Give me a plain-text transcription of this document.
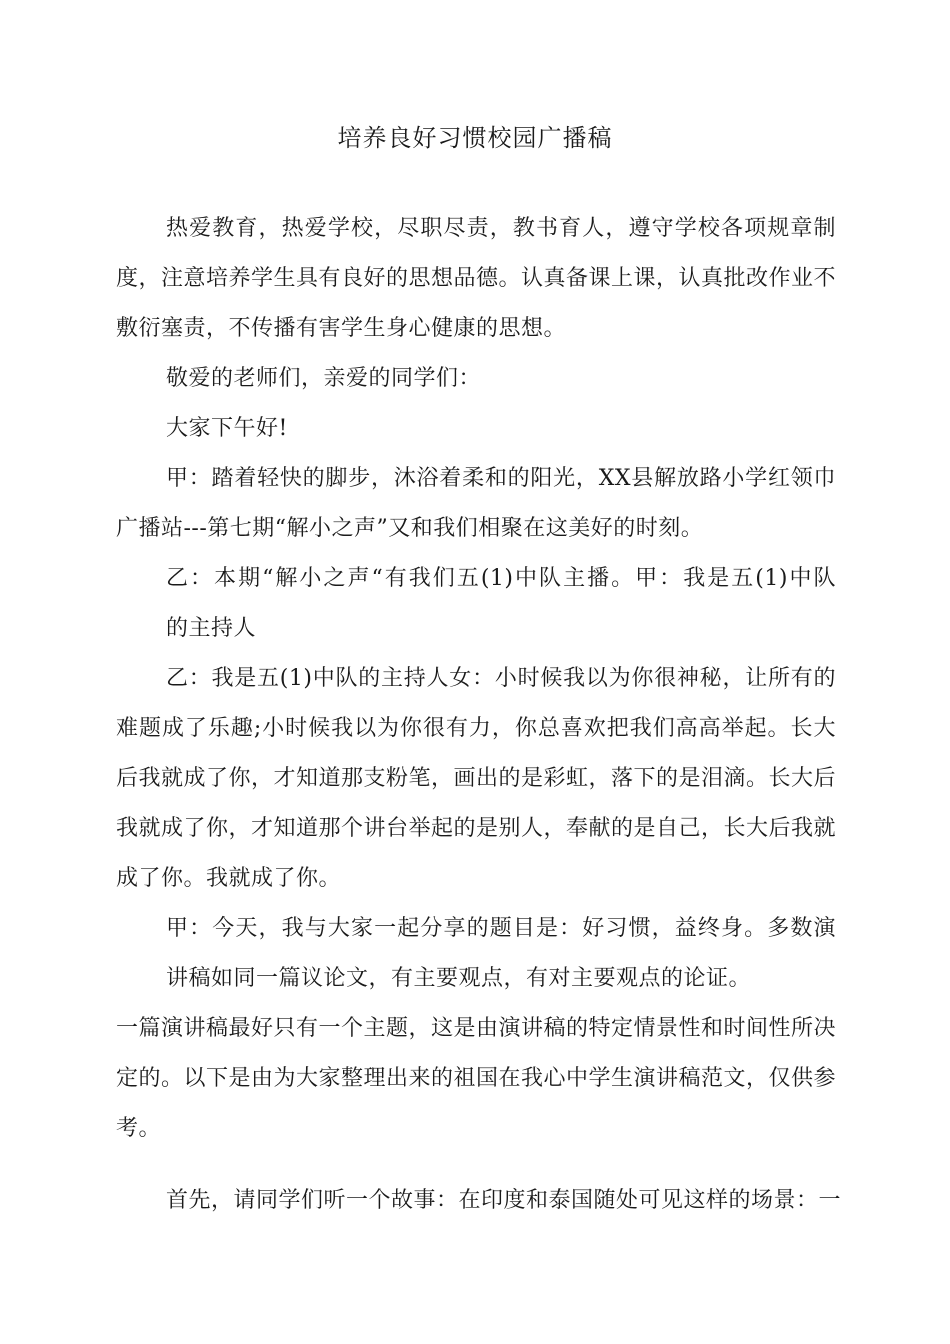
培养良好习惯校园广播稿
热爱教育，热爱学校，尽职尽责，教书育人，遵守学校各项规章制
度，注意培养学生具有良好的思想品德。认真备课上课，认真批改作业不
敷衍塞责，不传播有害学生身心健康的思想。
敬爱的老师们，亲爱的同学们：
大家下午好!
甲：踏着轻快的脚步，沐浴着柔和的阳光，XX县解放路小学红领巾
广播站---第七期“解小之声”又和我们相聚在这美好的时刻。
乙：本期“解小之声“有我们五(1)中队主播。甲：我是五(1)中队
的主持人
乙：我是五(1)中队的主持人女：小时候我以为你很神秘，让所有的
难题成了乐趣;小时候我以为你很有力，你总喜欢把我们高高举起。长大
后我就成了你，才知道那支粉笔，画出的是彩虹，落下的是泪滴。长大后
我就成了你，才知道那个讲台举起的是别人，奉献的是自己，长大后我就
成了你。我就成了你。
甲：今天，我与大家一起分享的题目是：好习惯，益终身。多数演
讲稿如同一篇议论文，有主要观点，有对主要观点的论证。
一篇演讲稿最好只有一个主题，这是由演讲稿的特定情景性和时间性所决
定的。以下是由为大家整理出来的祖国在我心中学生演讲稿范文，仅供参
考。
首先，请同学们听一个故事：在印度和泰国随处可见这样的场景：一
